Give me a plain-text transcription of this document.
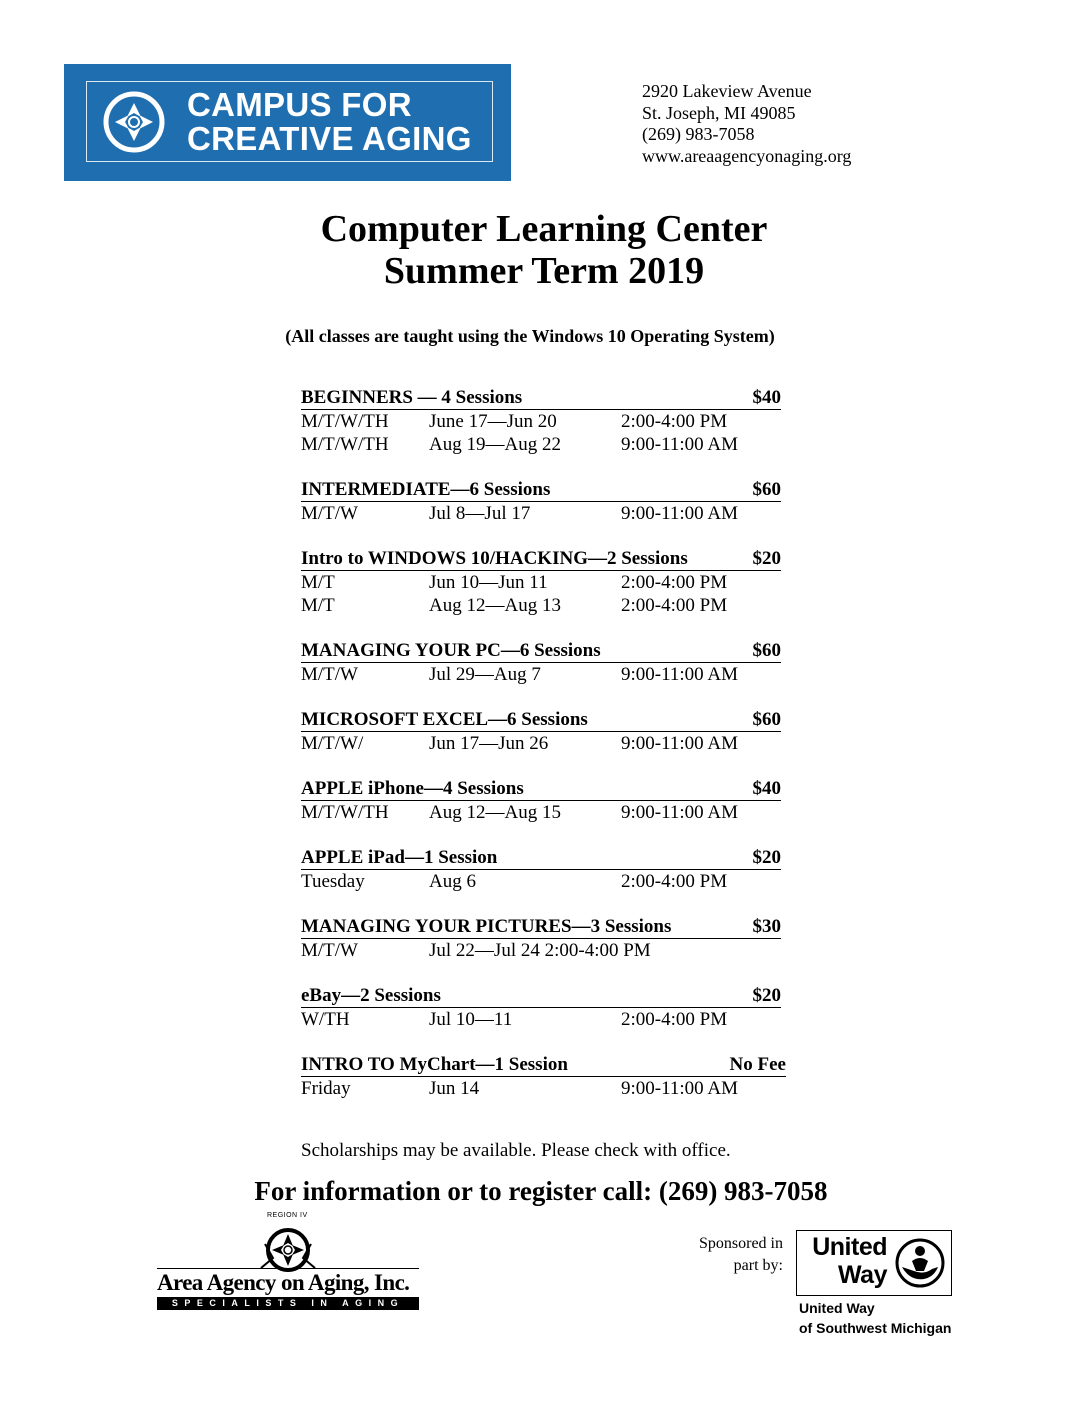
CAMPUS FOR
CREATIVE AGING
2920 Lakeview Avenue
St. Joseph, MI 49085
(269) 983-7058
www.areaagencyonaging.org
Computer Learning Center
Summer Term 2019
(All classes are taught using the Windows 10 Operating System)
BEGINNERS — 4 Sessions	$40
M/T/W/TH June 17—Jun 20	2:00-4:00 PM
M/T/W/TH Aug 19—Aug 22	9:00-11:00 AM
INTERMEDIATE—6 Sessions	$60
M/T/W	Jul 8—Jul 17	9:00-11:00 AM
Intro to WINDOWS 10/HACKING—2 Sessions	$20
M/T	Jun 10—Jun 11	2:00-4:00 PM
M/T	Aug 12—Aug 13	2:00-4:00 PM
MANAGING YOUR PC—6 Sessions	$60
M/T/W	Jul 29—Aug 7	9:00-11:00 AM
MICROSOFT EXCEL—6 Sessions	$60
M/T/W/	Jun 17—Jun 26	9:00-11:00 AM
APPLE iPhone—4 Sessions	$40
M/T/W/TH Aug 12—Aug 15	9:00-11:00 AM
APPLE iPad—1 Session	$20
Tuesday	Aug 6	2:00-4:00 PM
MANAGING YOUR PICTURES—3 Sessions	$30
M/T/W	Jul 22—Jul 24 2:00-4:00 PM
eBay—2 Sessions	$20
W/TH	Jul 10—11	2:00-4:00 PM
INTRO TO MyChart—1 Session	No Fee
Friday	Jun 14	9:00-11:00 AM
Scholarships may be available. Please check with office.
For information or to register call: (269) 983-7058
REGION IV
Area Agency on Aging, Inc.
SPECIALISTS IN AGING
Sponsored in
part by:
United
Way
United Way
of Southwest Michigan
